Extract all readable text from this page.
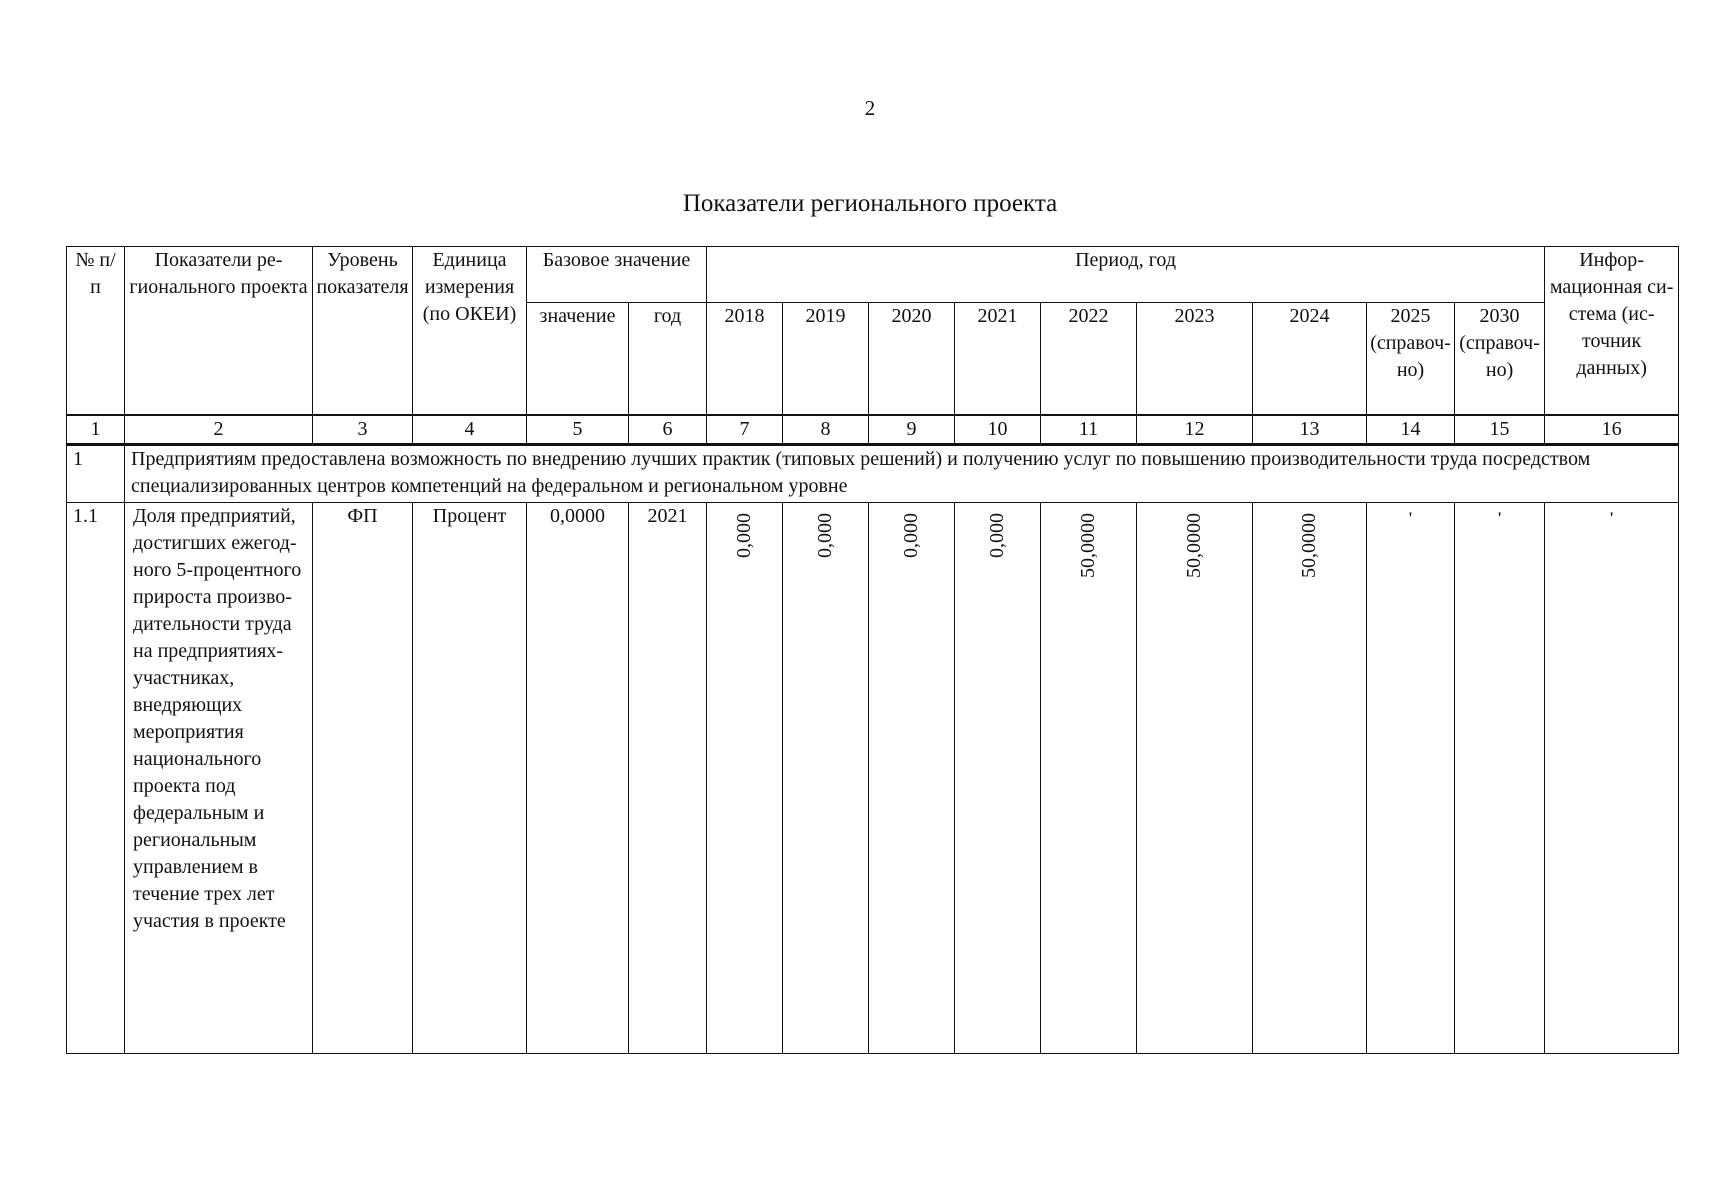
2
Показатели регионального проекта
№ п/п	Показатели регионального проекта	Уровень показателя	Единица измерения (по ОКЕИ)	Базовое значение		Период, год									Информационная система (источник данных)
				значение	год	2018	2019	2020	2021	2022	2023	2024	2025 (справочно)	2030 (справочно)	
1	2	3	4	5	6	7	8	9	10	11	12	13	14	15	16
1	Предприятиям предоставлена возможность по внедрению лучших практик (типовых решений) и получению услуг по повышению производительности труда посредством специализированных центров компетенций на федеральном и региональном уровне														
1.1	Доля предприятий, достигших ежегодного 5-процентного прироста производительности труда на предприятиях-участниках, внедряющих мероприятия национального проекта под федеральным и региональным управлением в течение трех лет участия в проекте	ФП	Процент	0,0000	2021	0,000	0,000	0,000	0,000	50,0000	50,0000	50,0000	'	'	'
